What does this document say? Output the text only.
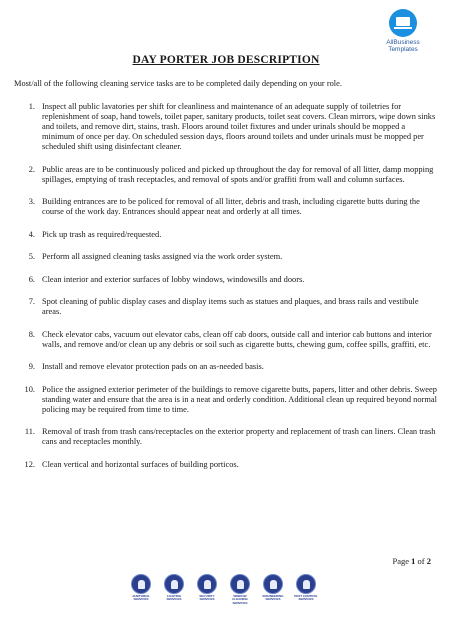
AllBusiness
Templates
DAY PORTER JOB DESCRIPTION
Most/all of the following cleaning service tasks are to be completed daily depending on your role.
1. Inspect all public lavatories per shift for cleanliness and maintenance of an adequate supply of toiletries for replenishment of soap, hand towels, toilet paper, sanitary products, toilet seat covers. Clean mirrors, wipe down sinks and toilets, and remove dirt, stains, trash. Floors around toilet fixtures and under urinals should be mopped a minimum of once per day. On scheduled session days, floors around toilets and under urinals must be mopped per scheduled shift using disinfectant cleaner.
2. Public areas are to be continuously policed and picked up throughout the day for removal of all litter, damp mopping spillages, emptying of trash receptacles, and removal of spots and/or graffiti from wall and column surfaces.
3. Building entrances are to be policed for removal of all litter, debris and trash, including cigarette butts during the course of the work day. Entrances should appear neat and orderly at all times.
4. Pick up trash as required/requested.
5. Perform all assigned cleaning tasks assigned via the work order system.
6. Clean interior and exterior surfaces of lobby windows, windowsills and doors.
7. Spot cleaning of public display cases and display items such as statues and plaques, and brass rails and vestibule areas.
8. Check elevator cabs, vacuum out elevator cabs, clean off cab doors, outside call and interior cab buttons and interior walls, and remove and/or clean up any debris or soil such as cigarette butts, chewing gum, coffee spills, graffiti, etc.
9. Install and remove elevator protection pads on an as-needed basis.
10. Police the assigned exterior perimeter of the buildings to remove cigarette butts, papers, litter and other debris. Sweep standing water and ensure that the area is in a neat and orderly condition. Additional clean up required beyond normal policing may be required from time to time.
11. Removal of trash from trash cans/receptacles on the exterior property and replacement of trash can liners. Clean trash cans and receptacles monthly.
12. Clean vertical and horizontal surfaces of building porticos.
Page 1 of 2
JANITORIAL SERVICES
LIGHTING SERVICES
SECURITY SERVICES
WINDOW CLEANING SERVICES
ENGINEERING SERVICES
PEST CONTROL SERVICES
